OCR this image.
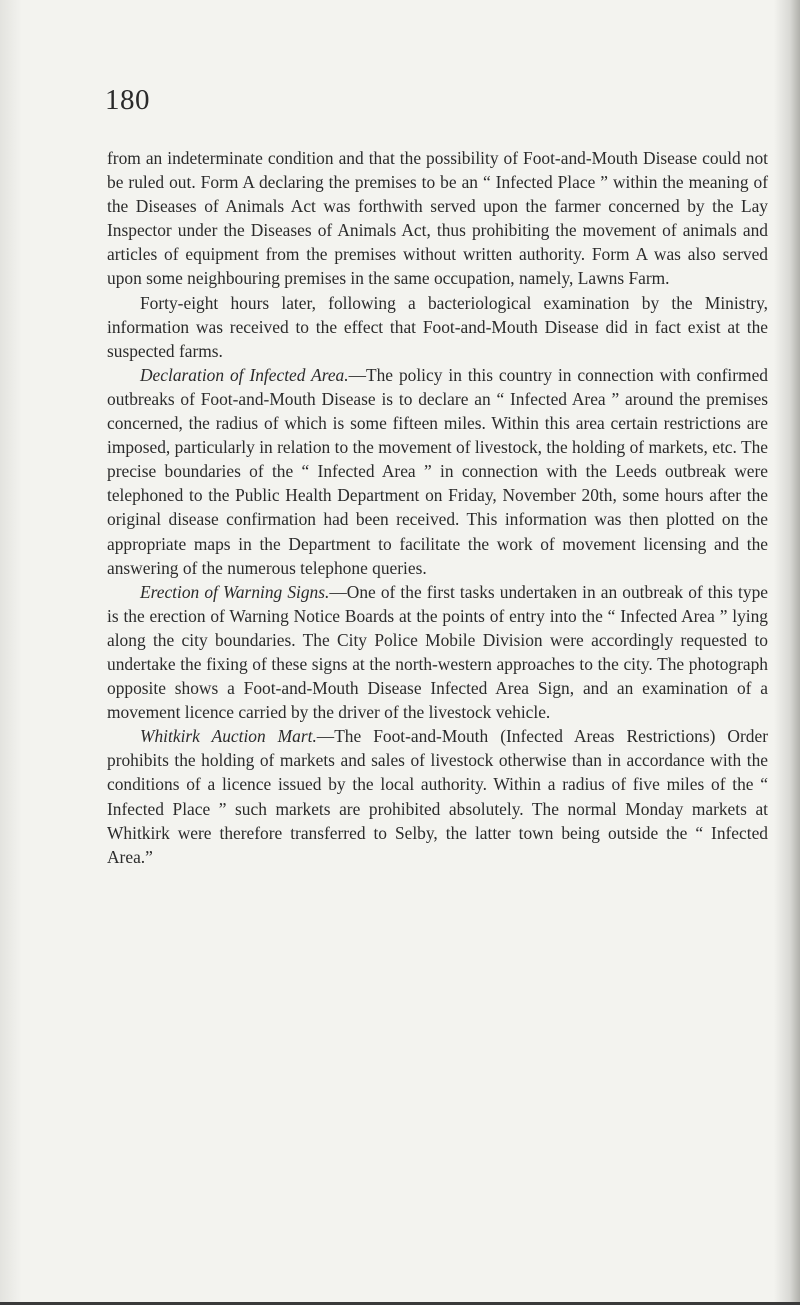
180

from an indeterminate condition and that the possibility of Foot-and-Mouth Disease could not be ruled out. Form A declaring the premises to be an “ Infected Place ” within the meaning of the Diseases of Animals Act was forthwith served upon the farmer concerned by the Lay Inspector under the Diseases of Animals Act, thus prohibiting the movement of animals and articles of equipment from the premises without written authority. Form A was also served upon some neighbouring premises in the same occupation, namely, Lawns Farm.

Forty-eight hours later, following a bacteriological examination by the Ministry, information was received to the effect that Foot-and-Mouth Disease did in fact exist at the suspected farms.

Declaration of Infected Area.—The policy in this country in connection with confirmed outbreaks of Foot-and-Mouth Disease is to declare an “ Infected Area ” around the premises concerned, the radius of which is some fifteen miles. Within this area certain restrictions are imposed, particularly in relation to the movement of livestock, the holding of markets, etc. The precise boundaries of the “ Infected Area ” in connection with the Leeds outbreak were telephoned to the Public Health Department on Friday, November 20th, some hours after the original disease confirmation had been received. This information was then plotted on the appropriate maps in the Department to facilitate the work of movement licensing and the answering of the numerous telephone queries.

Erection of Warning Signs.—One of the first tasks undertaken in an outbreak of this type is the erection of Warning Notice Boards at the points of entry into the “ Infected Area ” lying along the city boundaries. The City Police Mobile Division were accordingly requested to undertake the fixing of these signs at the north-western approaches to the city. The photograph opposite shows a Foot-and-Mouth Disease Infected Area Sign, and an examination of a movement licence carried by the driver of the livestock vehicle.

Whitkirk Auction Mart.—The Foot-and-Mouth (Infected Areas Restrictions) Order prohibits the holding of markets and sales of livestock otherwise than in accordance with the conditions of a licence issued by the local authority. Within a radius of five miles of the “ Infected Place ” such markets are prohibited absolutely. The normal Monday markets at Whitkirk were therefore transferred to Selby, the latter town being outside the “ Infected Area.”
